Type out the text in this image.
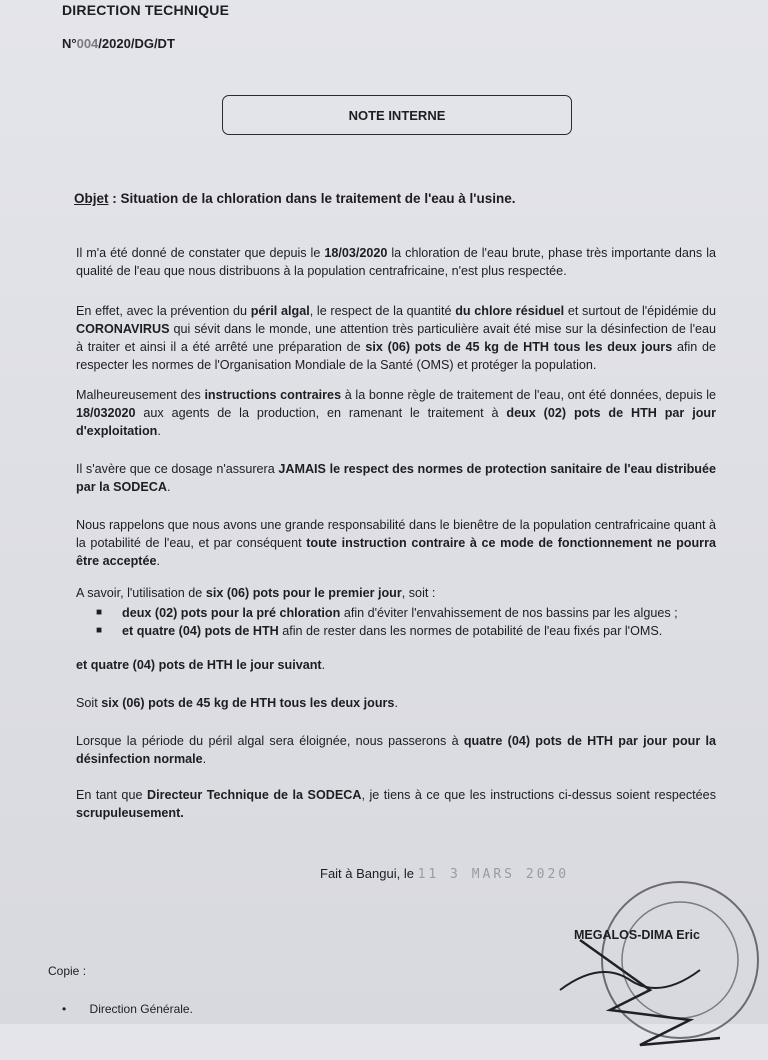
DIRECTION TECHNIQUE
N°004/2020/DG/DT
NOTE INTERNE
Objet : Situation de la chloration dans le traitement de l'eau à l'usine.
Il m'a été donné de constater que depuis le 18/03/2020 la chloration de l'eau brute, phase très importante dans la qualité de l'eau que nous distribuons à la population centrafricaine, n'est plus respectée.
En effet, avec la prévention du péril algal, le respect de la quantité du chlore résiduel et surtout de l'épidémie du CORONAVIRUS qui sévit dans le monde, une attention très particulière avait été mise sur la désinfection de l'eau à traiter et ainsi il a été arrêté une préparation de six (06) pots de 45 kg de HTH tous les deux jours afin de respecter les normes de l'Organisation Mondiale de la Santé (OMS) et protéger la population.
Malheureusement des instructions contraires à la bonne règle de traitement de l'eau, ont été données, depuis le 18/032020 aux agents de la production, en ramenant le traitement à deux (02) pots de HTH par jour d'exploitation.
Il s'avère que ce dosage n'assurera JAMAIS le respect des normes de protection sanitaire de l'eau distribuée par la SODECA.
Nous rappelons que nous avons une grande responsabilité dans le bienêtre de la population centrafricaine quant à la potabilité de l'eau, et par conséquent toute instruction contraire à ce mode de fonctionnement ne pourra être acceptée.
A savoir, l'utilisation de six (06) pots pour le premier jour, soit :
■	deux (02) pots pour la pré chloration afin d'éviter l'envahissement de nos bassins par les algues ;
■	et quatre (04) pots de HTH afin de rester dans les normes de potabilité de l'eau fixés par l'OMS.
et quatre (04) pots de HTH le jour suivant.
Soit six (06) pots de 45 kg de HTH tous les deux jours.
Lorsque la période du péril algal sera éloignée, nous passerons à quatre (04) pots de HTH par jour pour la désinfection normale.
En tant que Directeur Technique de la SODECA, je tiens à ce que les instructions ci-dessus soient respectées scrupuleusement.
Fait à Bangui, le 11 3 MARS 2020
MEGALOS-DIMA Eric
Copie :
•       Direction Générale.
